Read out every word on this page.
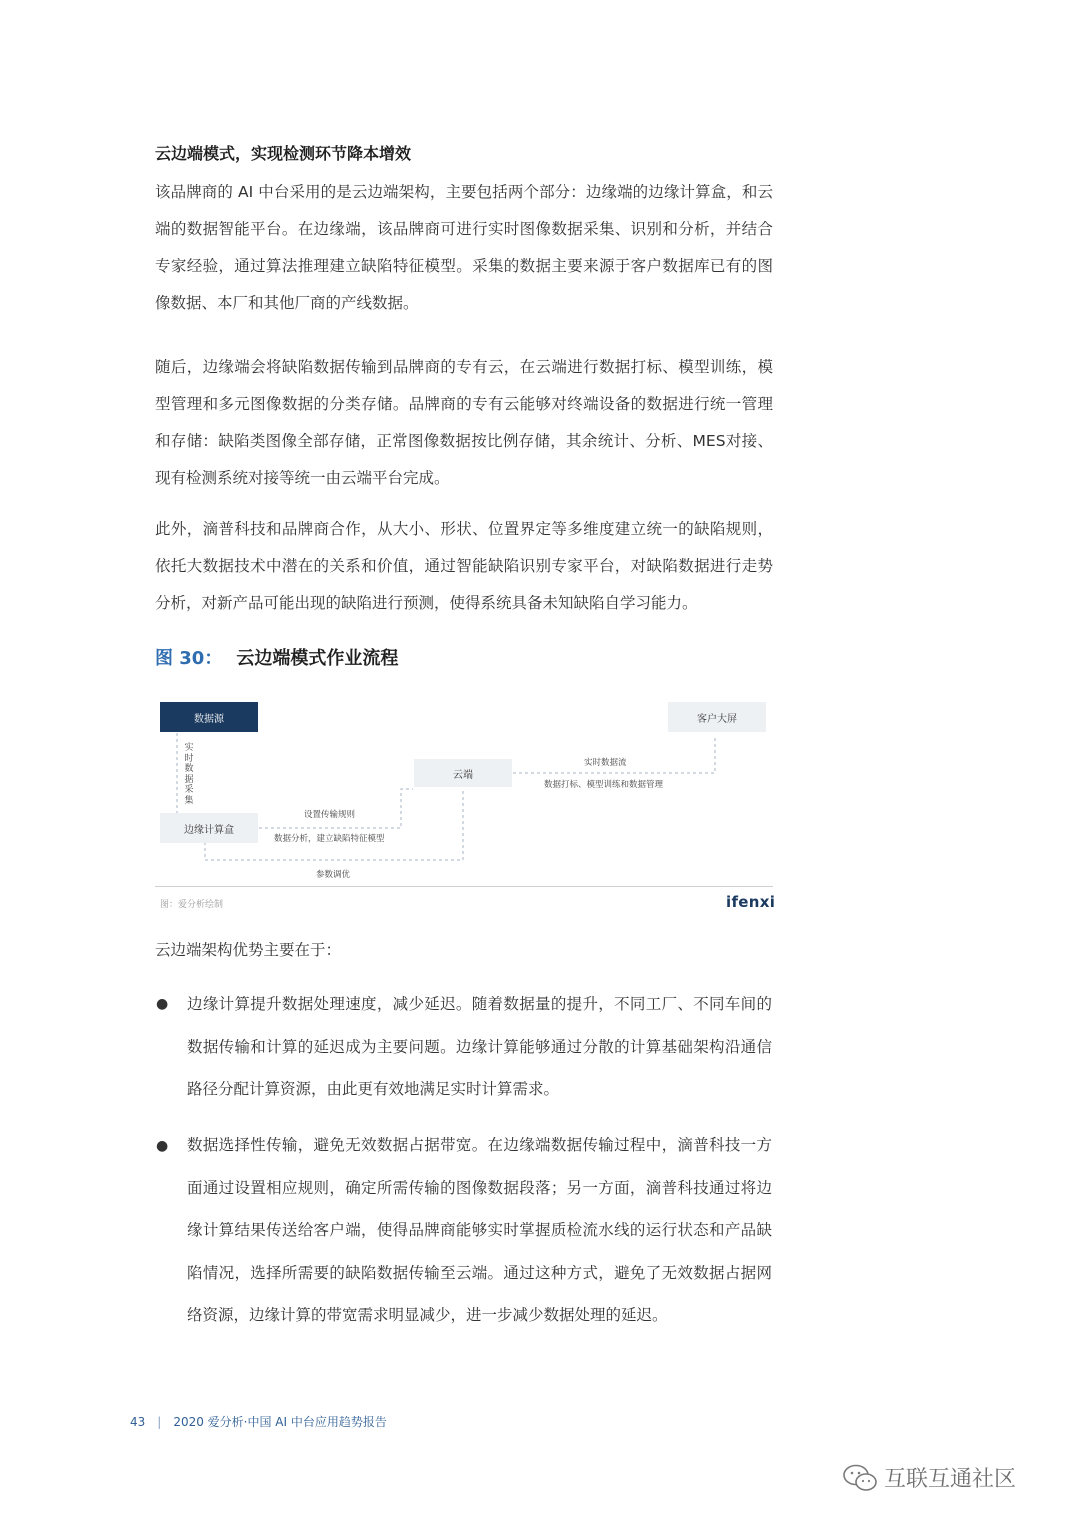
云边端模式，实现检测环节降本增效
该品牌商的 AI 中台采用的是云边端架构，主要包括两个部分：边缘端的边缘计算盒，和云端的数据智能平台。在边缘端，该品牌商可进行实时图像数据采集、识别和分析，并结合专家经验，通过算法推理建立缺陷特征模型。采集的数据主要来源于客户数据库已有的图像数据、本厂和其他厂商的产线数据。
随后，边缘端会将缺陷数据传输到品牌商的专有云，在云端进行数据打标、模型训练，模型管理和多元图像数据的分类存储。品牌商的专有云能够对终端设备的数据进行统一管理和存储：缺陷类图像全部存储，正常图像数据按比例存储，其余统计、分析、MES对接、现有检测系统对接等统一由云端平台完成。
此外，滴普科技和品牌商合作，从大小、形状、位置界定等多维度建立统一的缺陷规则，依托大数据技术中潜在的关系和价值，通过智能缺陷识别专家平台，对缺陷数据进行走势分析，对新产品可能出现的缺陷进行预测，使得系统具备未知缺陷自学习能力。
图 30： 云边端模式作业流程
数据源	客户大屏
云端
边缘计算盒
实时数据采集
设置传输规则
数据分析，建立缺陷特征模型
参数调优
实时数据流
数据打标、模型训练和数据管理
图：爱分析绘制	ifenxi
云边端架构优势主要在于：
● 边缘计算提升数据处理速度，减少延迟。随着数据量的提升，不同工厂、不同车间的数据传输和计算的延迟成为主要问题。边缘计算能够通过分散的计算基础架构沿通信路径分配计算资源，由此更有效地满足实时计算需求。
● 数据选择性传输，避免无效数据占据带宽。在边缘端数据传输过程中，滴普科技一方面通过设置相应规则，确定所需传输的图像数据段落；另一方面，滴普科技通过将边缘计算结果传送给客户端，使得品牌商能够实时掌握质检流水线的运行状态和产品缺陷情况，选择所需要的缺陷数据传输至云端。通过这种方式，避免了无效数据占据网络资源，边缘计算的带宽需求明显减少，进一步减少数据处理的延迟。
43 | 2020 爱分析·中国 AI 中台应用趋势报告
互联互通社区
